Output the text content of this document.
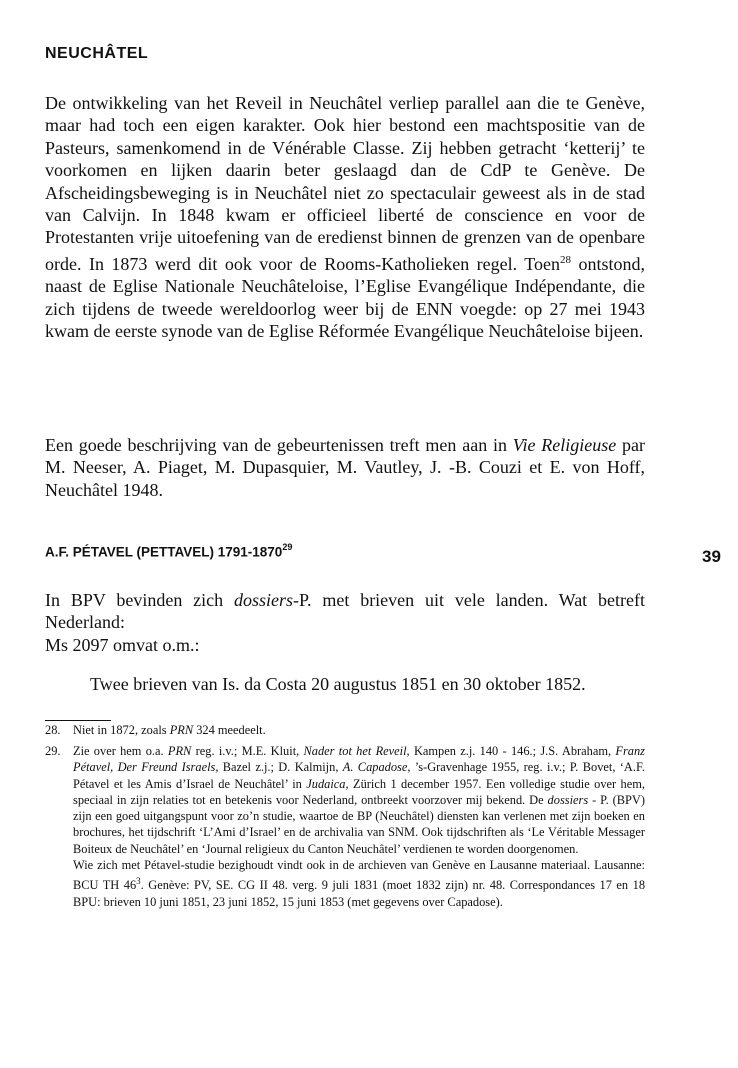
NEUCHÂTEL

De ontwikkeling van het Reveil in Neuchâtel verliep parallel aan die te Genève, maar had toch een eigen karakter. Ook hier bestond een machtspositie van de Pasteurs, samenkomend in de Vénérable Classe. Zij hebben getracht ‘ketterij’ te voorkomen en lijken daarin beter geslaagd dan de CdP te Genève. De Afscheidingsbeweging is in Neuchâtel niet zo spectaculair geweest als in de stad van Calvijn. In 1848 kwam er officieel liberté de conscience en voor de Protestanten vrije uitoefening van de eredienst binnen de grenzen van de openbare orde. In 1873 werd dit ook voor de Rooms-Katholieken regel. Toen$^{28}$ ontstond, naast de Eglise Nationale Neuchâteloise, l’Eglise Evangélique Indépendante, die zich tijdens de tweede wereldoorlog weer bij de ENN voegde: op 27 mei 1943 kwam de eerste synode van de Eglise Réformée Evangélique Neuchâteloise bijeen.

Een goede beschrijving van de gebeurtenissen treft men aan in Vie Religieuse par M. Neeser, A. Piaget, M. Dupasquier, M. Vautley, J. -B. Couzi et E. von Hoff, Neuchâtel 1948.

A.F. PÉTAVEL (PETTAVEL) 1791-1870$^{29}$

In BPV bevinden zich dossiers-P. met brieven uit vele landen. Wat betreft Nederland:

Ms 2097 omvat o.m.:

Twee brieven van Is. da Costa 20 augustus 1851 en 30 oktober 1852.

28.	Niet in 1872, zoals PRN 324 meedeelt.

29.	Zie over hem o.a. PRN reg. i.v.; M.E. Kluit, Nader tot het Reveil, Kampen z.j. 140 - 146.; J.S. Abraham, Franz Pétavel, Der Freund Israels, Bazel z.j.; D. Kalmijn, A. Capadose, ’s-Gravenhage 1955, reg. i.v.; P. Bovet, ‘A.F. Pétavel et les Amis d’Israel de Neuchâtel’ in Judaica, Zürich 1 december 1957. Een volledige studie over hem, speciaal in zijn relaties tot en betekenis voor Nederland, ontbreekt voorzover mij bekend. De dossiers - P. (BPV) zijn een goed uitgangspunt voor zo’n studie, waartoe de BP (Neuchâtel) diensten kan verlenen met zijn boeken en brochures, het tijdschrift ‘L’Ami d’Israel’ en de archivalia van SNM. Ook tijdschriften als ‘Le Véritable Messager Boiteux de Neuchâtel’ en ‘Journal religieux du Canton Neuchâtel’ verdienen te worden doorgenomen.
Wie zich met Pétavel-studie bezighoudt vindt ook in de archieven van Genève en Lausanne materiaal. Lausanne: BCU TH $46^3$. Genève: PV, SE. CG II 48. verg. 9 juli 1831 (moet 1832 zijn) nr. 48. Correspondances 17 en 18 BPU: brieven 10 juni 1851, 23 juni 1852, 15 juni 1853 (met gegevens over Capadose).
39
